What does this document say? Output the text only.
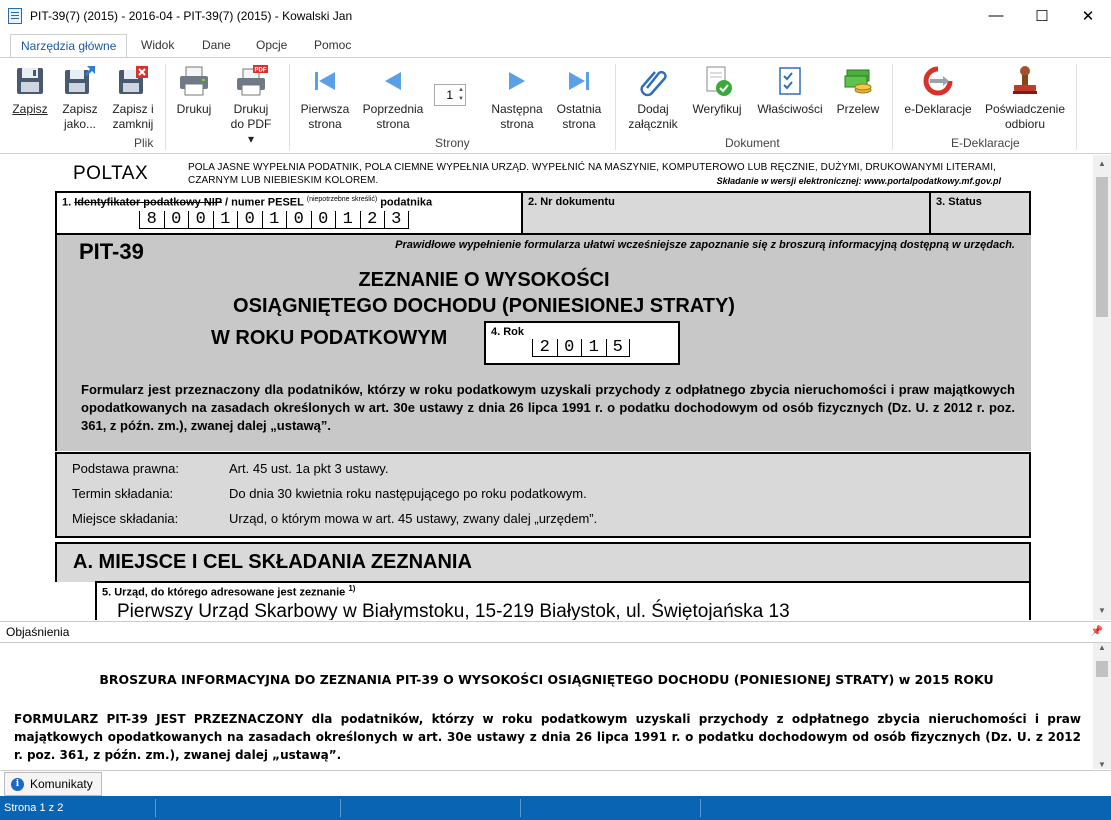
PIT-39(7) (2015) - 2016-04 - PIT-39(7) (2015) - Kowalski Jan	—	☐	✕
Narzędzia główne	Widok	Dane	Opcje	Pomoc
Zapisz	Zapisz
jako...
Zapisz i
zamknij
Plik
Drukuj
PDF
Drukuj
do PDF ▾
Pierwsza
strona
Poprzednia
strona
1 ▲
▼
Następna
strona
Ostatnia
strona
Strony
Dodaj
załącznik
Weryfikuj Właściwości Przelew
Dokument
e-Deklaracje	Poświadczenie
odbioru
E-Deklaracje
POLTAX	POLA JASNE WYPEŁNIA PODATNIK, POLA CIEMNE WYPEŁNIA URZĄD. WYPEŁNIĆ NA MASZYNIE, KOMPUTEROWO LUB RĘCZNIE, DUŻYMI, DRUKOWANYMI LITERAMI, CZARNYM LUB NIEBIESKIM KOLOREM.	Składanie w wersji elektronicznej: www.portalpodatkowy.mf.gov.pl
1. Identyfikator podatkowy NIP / numer PESEL $^{(niepotrzebne skreślić)}$ podatnika
8 0 0 1 0 1 0 0 1 2 3
2. Nr dokumentu	3. Status
PIT-39	Prawidłowe wypełnienie formularza ułatwi wcześniejsze zapoznanie się z broszurą informacyjną dostępną w urzędach.
ZEZNANIE O WYSOKOŚCI
OSIĄGNIĘTEGO DOCHODU (PONIESIONEJ STRATY)
W ROKU PODATKOWYM	4. Rok
2 0 1 5
Formularz jest przeznaczony dla podatników, którzy w roku podatkowym uzyskali przychody z odpłatnego zbycia nieruchomości i praw majątkowych opodatkowanych na zasadach określonych w art. 30e ustawy z dnia 26 lipca 1991 r. o podatku dochodowym od osób fizycznych (Dz. U. z 2012 r. poz. 361, z późn. zm.), zwanej dalej „ustawą”.
Podstawa prawna:	Art. 45 ust. 1a pkt 3 ustawy.
Termin składania:	Do dnia 30 kwietnia roku następującego po roku podatkowym.
Miejsce składania:	Urząd, o którym mowa w art. 45 ustawy, zwany dalej „urzędem”.
A. MIEJSCE I CEL SKŁADANIA ZEZNANIA
5. Urząd, do którego adresowane jest zeznanie $^{1)}$
Pierwszy Urząd Skarbowy w Białymstoku, 15-219 Białystok, ul. Świętojańska 13
▲
▼
Objaśnienia	📌
BROSZURA INFORMACYJNA DO ZEZNANIA PIT-39 O WYSOKOŚCI OSIĄGNIĘTEGO DOCHODU (PONIESIONEJ STRATY) w 2015 ROKU
FORMULARZ PIT-39 JEST PRZEZNACZONY dla podatników, którzy w roku podatkowym uzyskali przychody z odpłatnego zbycia nieruchomości i praw majątkowych opodatkowanych na zasadach określonych w art. 30e ustawy z dnia 26 lipca 1991 r. o podatku dochodowym od osób fizycznych (Dz. U. z 2012 r. poz. 361, z późn. zm.), zwanej dalej „ustawą”.
▲
▼
i Komunikaty
Strona 1 z 2
